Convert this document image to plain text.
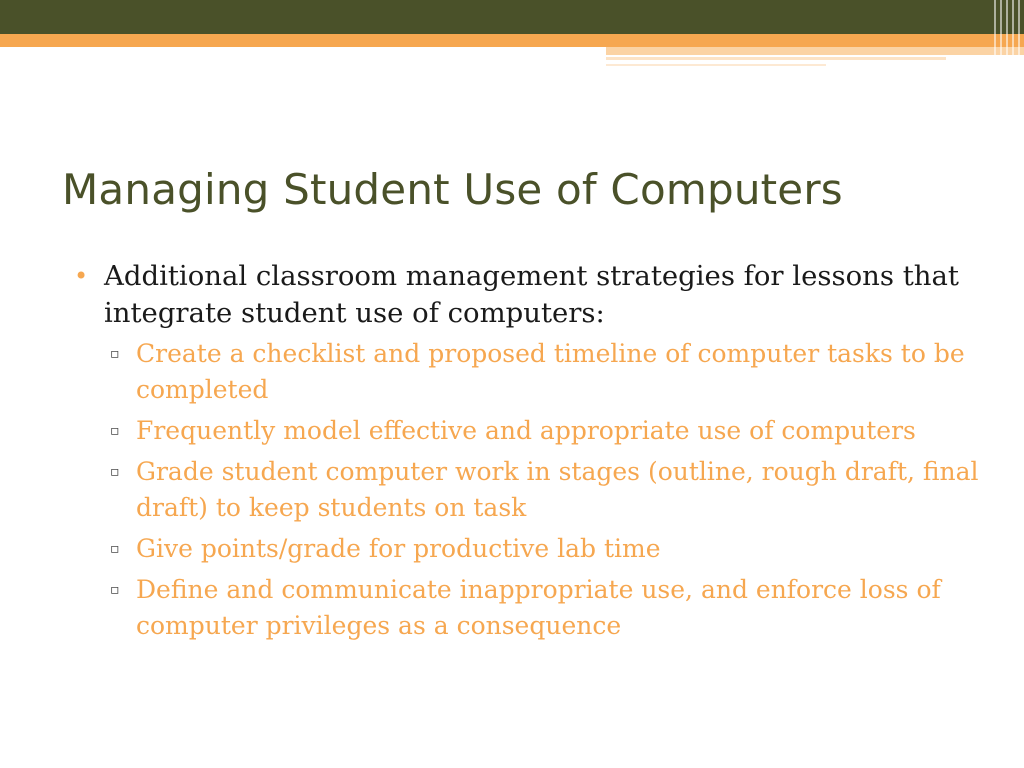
Managing Student Use of Computers
• Additional classroom management strategies for lessons that integrate student use of computers:
▫ Create a checklist and proposed timeline of computer tasks to be completed
▫ Frequently model effective and appropriate use of computers
▫ Grade student computer work in stages (outline, rough draft, final draft) to keep students on task
▫ Give points/grade for productive lab time
▫ Define and communicate inappropriate use, and enforce loss of computer privileges as a consequence
